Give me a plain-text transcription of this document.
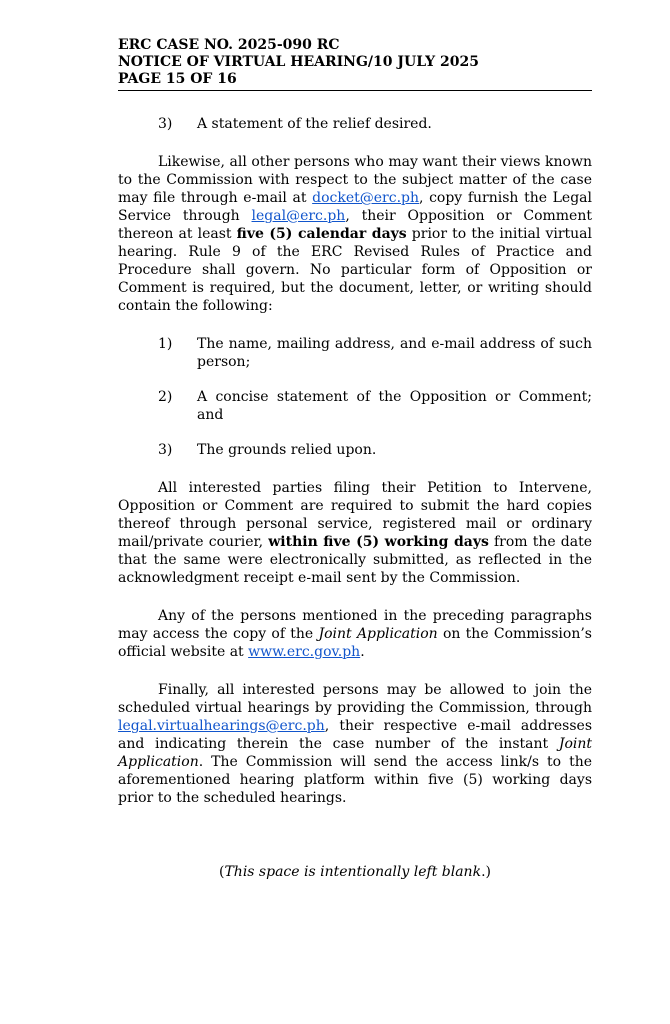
ERC CASE NO. 2025-090 RC
NOTICE OF VIRTUAL HEARING/10 JULY 2025
PAGE 15 OF 16
3) A statement of the relief desired.
Likewise, all other persons who may want their views known to the Commission with respect to the subject matter of the case may file through e-mail at docket@erc.ph, copy furnish the Legal Service through legal@erc.ph, their Opposition or Comment thereon at least five (5) calendar days prior to the initial virtual hearing. Rule 9 of the ERC Revised Rules of Practice and Procedure shall govern. No particular form of Opposition or Comment is required, but the document, letter, or writing should contain the following:
1) The name, mailing address, and e-mail address of such person;
2) A concise statement of the Opposition or Comment; and
3) The grounds relied upon.
All interested parties filing their Petition to Intervene, Opposition or Comment are required to submit the hard copies thereof through personal service, registered mail or ordinary mail/private courier, within five (5) working days from the date that the same were electronically submitted, as reflected in the acknowledgment receipt e-mail sent by the Commission.
Any of the persons mentioned in the preceding paragraphs may access the copy of the Joint Application on the Commission’s official website at www.erc.gov.ph.
Finally, all interested persons may be allowed to join the scheduled virtual hearings by providing the Commission, through legal.virtualhearings@erc.ph, their respective e-mail addresses and indicating therein the case number of the instant Joint Application. The Commission will send the access link/s to the aforementioned hearing platform within five (5) working days prior to the scheduled hearings.
(This space is intentionally left blank.)
